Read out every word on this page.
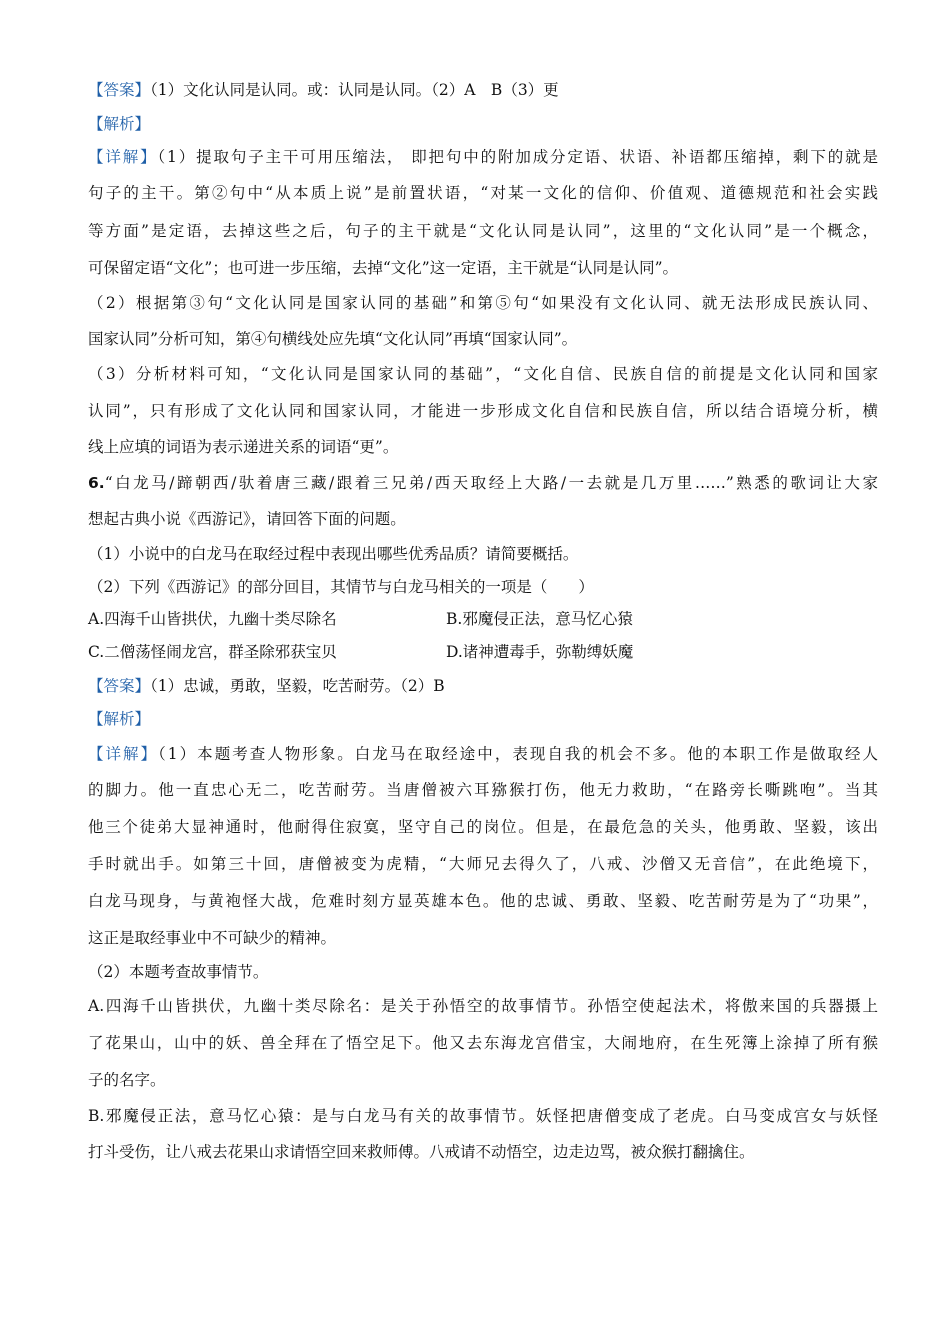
【答案】（1）文化认同是认同。或：认同是认同。（2）A　B（3）更
【解析】
【详解】（1）提取句子主干可用压缩法， 即把句中的附加成分定语、状语、补语都压缩掉，剩下的就是
句子的主干。第②句中“从本质上说”是前置状语，“对某一文化的信仰、价值观、道德规范和社会实践
等方面”是定语，去掉这些之后，句子的主干就是“文化认同是认同”，这里的“文化认同”是一个概念，
可保留定语“文化”；也可进一步压缩，去掉“文化”这一定语，主干就是“认同是认同”。
（2）根据第③句“文化认同是国家认同的基础”和第⑤句“如果没有文化认同、就无法形成民族认同、
国家认同”分析可知，第④句横线处应先填“文化认同”再填“国家认同”。
（3）分析材料可知，“文化认同是国家认同的基础”，“文化自信、民族自信的前提是文化认同和国家
认同”，只有形成了文化认同和国家认同，才能进一步形成文化自信和民族自信，所以结合语境分析，横
线上应填的词语为表示递进关系的词语“更”。
6.“白龙马/蹄朝西/驮着唐三藏/跟着三兄弟/西天取经上大路/一去就是几万里……”熟悉的歌词让大家
想起古典小说《西游记》，请回答下面的问题。
（1）小说中的白龙马在取经过程中表现出哪些优秀品质？请简要概括。
（2）下列《西游记》的部分回目，其情节与白龙马相关的一项是（　　）
A.四海千山皆拱伏，九幽十类尽除名	B.邪魔侵正法，意马忆心猿
C.二僧荡怪闹龙宫，群圣除邪获宝贝	D.诸神遭毒手，弥勒缚妖魔
【答案】（1）忠诚，勇敢，坚毅，吃苦耐劳。（2）B
【解析】
【详解】（1）本题考查人物形象。白龙马在取经途中，表现自我的机会不多。他的本职工作是做取经人
的脚力。他一直忠心无二，吃苦耐劳。当唐僧被六耳猕猴打伤，他无力救助，“在路旁长嘶跳咆”。当其
他三个徒弟大显神通时，他耐得住寂寞，坚守自己的岗位。但是，在最危急的关头，他勇敢、坚毅，该出
手时就出手。如第三十回，唐僧被变为虎精，“大师兄去得久了，八戒、沙僧又无音信”，在此绝境下，
白龙马现身，与黄袍怪大战，危难时刻方显英雄本色。他的忠诚、勇敢、坚毅、吃苦耐劳是为了“功果”，
这正是取经事业中不可缺少的精神。
（2）本题考查故事情节。
A.四海千山皆拱伏，九幽十类尽除名：是关于孙悟空的故事情节。孙悟空使起法术，将傲来国的兵器摄上
了花果山，山中的妖、兽全拜在了悟空足下。他又去东海龙宫借宝，大闹地府，在生死簿上涂掉了所有猴
子的名字。
B.邪魔侵正法，意马忆心猿：是与白龙马有关的故事情节。妖怪把唐僧变成了老虎。白马变成宫女与妖怪
打斗受伤，让八戒去花果山求请悟空回来救师傅。八戒请不动悟空，边走边骂，被众猴打翻擒住。
